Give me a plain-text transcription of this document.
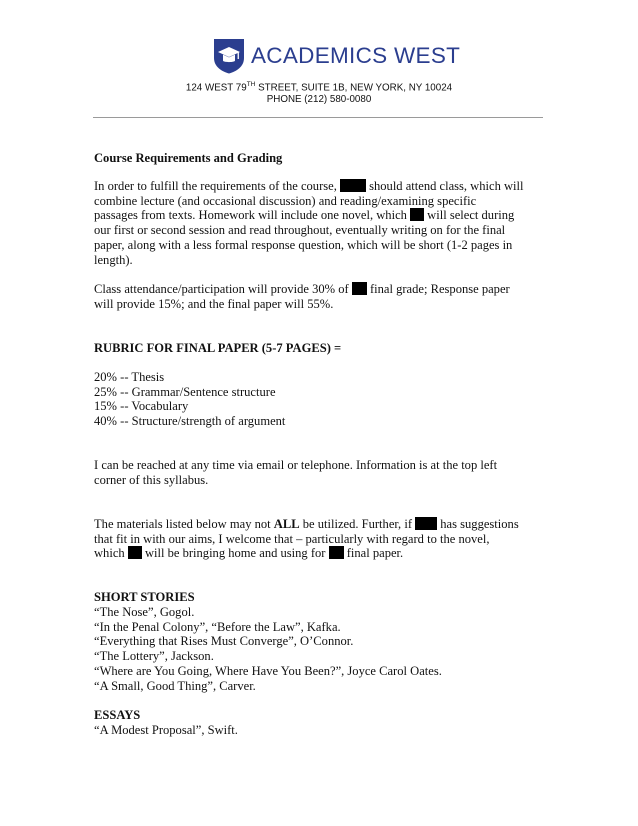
ACADEMICS WEST
124 WEST 79TH STREET, SUITE 1B, NEW YORK, NY 10024
PHONE (212) 580-0080
Course Requirements and Grading
In order to fulfill the requirements of the course,  should attend class, which will
combine lecture (and occasional discussion) and reading/examining specific
passages from texts. Homework will include one novel, which  will select during
our first or second session and read throughout, eventually writing on for the final
paper, along with a less formal response question, which will be short (1-2 pages in
length).
Class attendance/participation will provide 30% of  final grade; Response paper
will provide 15%; and the final paper will 55%.
RUBRIC FOR FINAL PAPER (5-7 PAGES) =
20% -- Thesis
25% -- Grammar/Sentence structure
15% -- Vocabulary
40% -- Structure/strength of argument
I can be reached at any time via email or telephone. Information is at the top left
corner of this syllabus.
The materials listed below may not ALL be utilized. Further, if  has suggestions
that fit in with our aims, I welcome that – particularly with regard to the novel,
which  will be bringing home and using for  final paper.
SHORT STORIES
“The Nose”, Gogol.
“In the Penal Colony”, “Before the Law”, Kafka.
“Everything that Rises Must Converge”, O’Connor.
“The Lottery”, Jackson.
“Where are You Going, Where Have You Been?”, Joyce Carol Oates.
“A Small, Good Thing”, Carver.
ESSAYS
“A Modest Proposal”, Swift.
